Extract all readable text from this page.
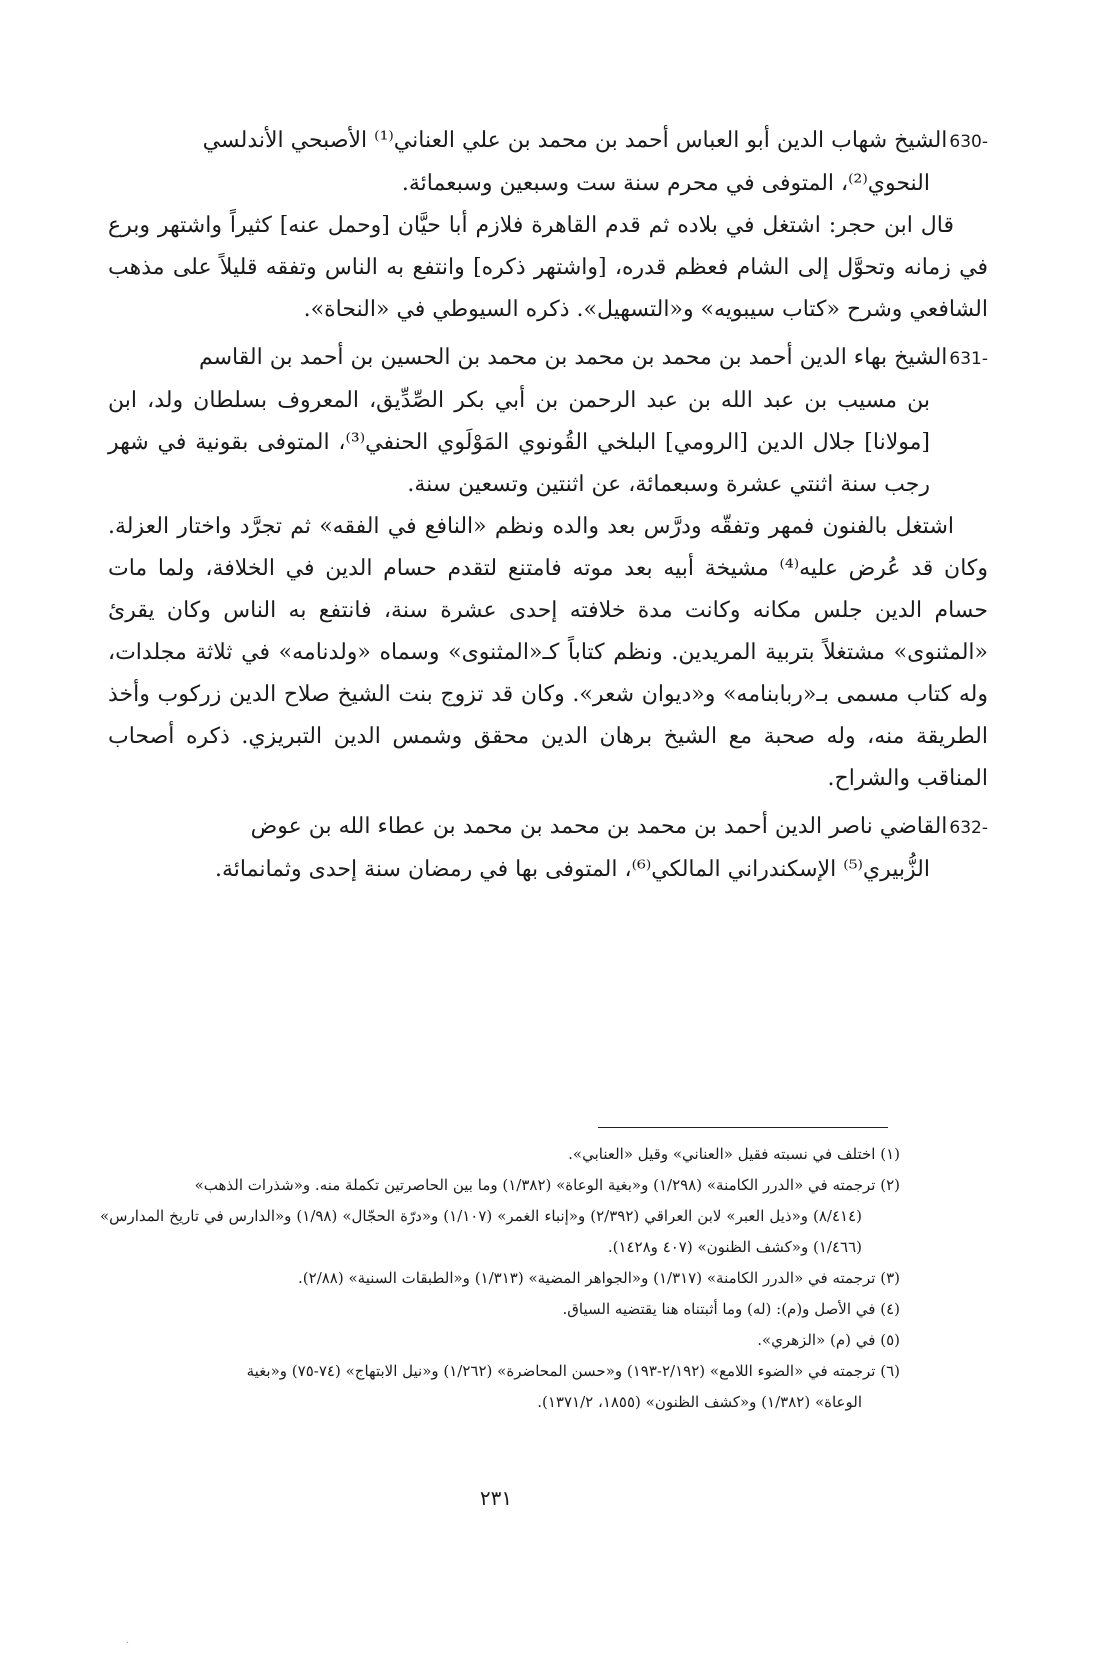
630-الشيخ شهاب الدين أبو العباس أحمد بن محمد بن علي العناني⁽¹⁾ الأصبحي الأندلسي
النحوي⁽²⁾، المتوفى في محرم سنة ست وسبعين وسبعمائة.

قال ابن حجر: اشتغل في بلاده ثم قدم القاهرة فلازم أبا حيَّان [وحمل عنه] كثيراً واشتهر وبرع في زمانه وتحوَّل إلى الشام فعظم قدره، [واشتهر ذكره] وانتفع به الناس وتفقه قليلاً على مذهب الشافعي وشرح «كتاب سيبويه» و«التسهيل». ذكره السيوطي في «النحاة».

631-الشيخ بهاء الدين أحمد بن محمد بن محمد بن محمد بن الحسين بن أحمد بن القاسم
بن مسيب بن عبد الله بن عبد الرحمن بن أبي بكر الصِّدِّيق، المعروف بسلطان ولد، ابن [مولانا] جلال الدين [الرومي] البلخي القُونوي المَوْلَوي الحنفي⁽³⁾، المتوفى بقونية في شهر رجب سنة اثنتي عشرة وسبعمائة، عن اثنتين وتسعين سنة.

اشتغل بالفنون فمهر وتفقّه ودرَّس بعد والده ونظم «النافع في الفقه» ثم تجرَّد واختار العزلة. وكان قد عُرض عليه⁽⁴⁾ مشيخة أبيه بعد موته فامتنع لتقدم حسام الدين في الخلافة، ولما مات حسام الدين جلس مكانه وكانت مدة خلافته إحدى عشرة سنة، فانتفع به الناس وكان يقرئ «المثنوى» مشتغلاً بتربية المريدين. ونظم كتاباً كـ«المثنوى» وسماه «ولدنامه» في ثلاثة مجلدات، وله كتاب مسمى بـ«ربابنامه» و«ديوان شعر». وكان قد تزوج بنت الشيخ صلاح الدين زركوب وأخذ الطريقة منه، وله صحبة مع الشيخ برهان الدين محقق وشمس الدين التبريزي. ذكره أصحاب المناقب والشراح.

632-القاضي ناصر الدين أحمد بن محمد بن محمد بن محمد بن عطاء الله بن عوض
الزُّبيري⁽⁵⁾ الإسكندراني المالكي⁽⁶⁾، المتوفى بها في رمضان سنة إحدى وثمانمائة.

(١) اختلف في نسبته فقيل «العناني» وقيل «العنابي».

(٢) ترجمته في «الدرر الكامنة» (١/٢٩٨) و«بغية الوعاة» (١/٣٨٢) وما بين الحاصرتين تكملة منه. و«شذرات الذهب»

(٨/٤١٤) و«ذيل العبر» لابن العراقي (٢/٣٩٢) و«إنباء الغمر» (١/١٠٧) و«درّة الحجّال» (١/٩٨) و«الدارس في تاريخ المدارس» (١/٤٦٦) و«كشف الظنون» (٤٠٧ و١٤٢٨).

(٣) ترجمته في «الدرر الكامنة» (١/٣١٧) و«الجواهر المضية» (١/٣١٣) و«الطبقات السنية» (٢/٨٨).

(٤) في الأصل و(م): (له) وما أثبتناه هنا يقتضيه السياق.

(٥) في (م) «الزهري».

(٦) ترجمته في «الضوء اللامع» (٢/١٩٢-١٩٣) و«حسن المحاضرة» (١/٢٦٢) و«نيل الابتهاج» (٧٤-٧٥) و«بغية

الوعاة» (١/٣٨٢) و«كشف الظنون» (١٨٥٥، ١٣٧١/٢).

٢٣١
·
